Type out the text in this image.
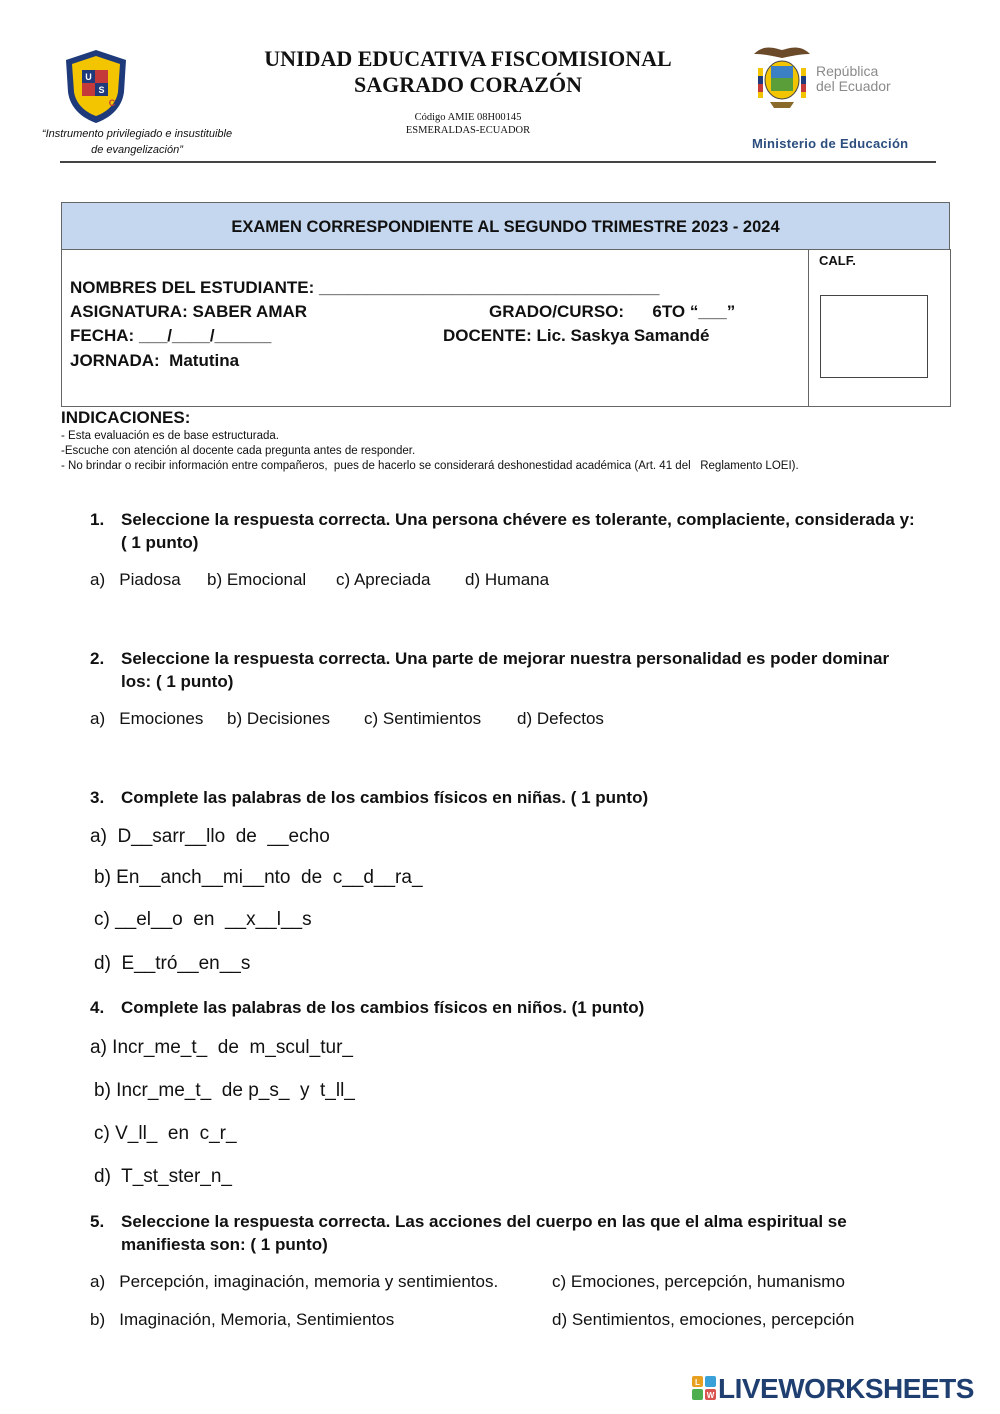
U
S
C
“Instrumento privilegiado e insustituible
de evangelización”
UNIDAD EDUCATIVA FISCOMISIONAL
SAGRADO CORAZÓN
Código AMIE 08H00145
ESMERALDAS-ECUADOR
República
del Ecuador
Ministerio de Educación
EXAMEN CORRESPONDIENTE AL SEGUNDO TRIMESTRE 2023 - 2024
CALF.
NOMBRES DEL ESTUDIANTE: ____________________________________
ASIGNATURA: SABER AMAR	GRADO/CURSO:      6TO “___”
FECHA: ___/____/______	DOCENTE: Lic. Saskya Samandé
JORNADA:  Matutina
INDICACIONES:
- Esta evaluación es de base estructurada.
-Escuche con atención al docente cada pregunta antes de responder.
- No brindar o recibir información entre compañeros,  pues de hacerlo se considerará deshonestidad académica (Art. 41 del   Reglamento LOEI).
1. Seleccione la respuesta correcta. Una persona chévere es tolerante, complaciente, considerada y: ( 1 punto)
a)   Piadosa b) Emocional c) Apreciada d) Humana
2. Seleccione la respuesta correcta. Una parte de mejorar nuestra personalidad es poder dominar los: ( 1 punto)
a)   Emociones b) Decisiones c) Sentimientos d) Defectos
3. Complete las palabras de los cambios físicos en niñas. ( 1 punto)
a)  D__sarr__llo  de  __echo
b) En__anch__mi__nto  de  c__d__ra_
c) __el__o  en  __x__l__s
d)  E__tró__en__s
4. Complete las palabras de los cambios físicos en niños. (1 punto)
a) Incr_me_t_  de  m_scul_tur_
b) Incr_me_t_  de p_s_  y  t_ll_
c) V_ll_  en  c_r_
d)  T_st_ster_n_
5. Seleccione la respuesta correcta. Las acciones del cuerpo en las que el alma espiritual se manifiesta son: ( 1 punto)
a)   Percepción, imaginación, memoria y sentimientos.	c) Emociones, percepción, humanismo
b)   Imaginación, Memoria, Sentimientos	d) Sentimientos, emociones, percepción
L
W LIVEWORKSHEETS
